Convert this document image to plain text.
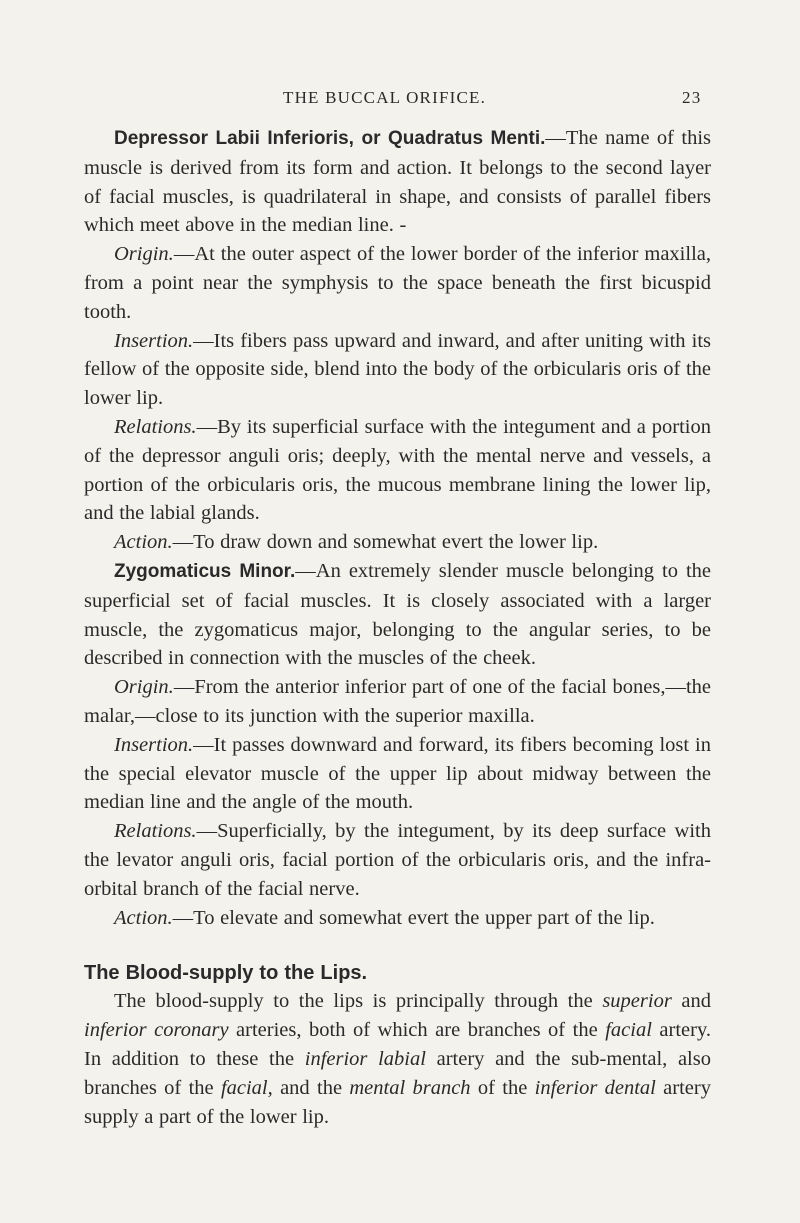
THE BUCCAL ORIFICE.	23

Depressor Labii Inferioris, or Quadratus Menti.—The name of this muscle is derived from its form and action. It belongs to the second layer of facial muscles, is quadrilateral in shape, and consists of parallel fibers which meet above in the median line. -

Origin.—At the outer aspect of the lower border of the inferior maxilla, from a point near the symphysis to the space beneath the first bicuspid tooth.

Insertion.—Its fibers pass upward and inward, and after uniting with its fellow of the opposite side, blend into the body of the orbicularis oris of the lower lip.

Relations.—By its superficial surface with the integument and a portion of the depressor anguli oris; deeply, with the mental nerve and vessels, a portion of the orbicularis oris, the mucous membrane lining the lower lip, and the labial glands.

Action.—To draw down and somewhat evert the lower lip.

Zygomaticus Minor.—An extremely slender muscle belonging to the superficial set of facial muscles. It is closely associated with a larger muscle, the zygomaticus major, belonging to the angular series, to be described in connection with the muscles of the cheek.

Origin.—From the anterior inferior part of one of the facial bones,—the malar,—close to its junction with the superior maxilla.

Insertion.—It passes downward and forward, its fibers becoming lost in the special elevator muscle of the upper lip about midway between the median line and the angle of the mouth.

Relations.—Superficially, by the integument, by its deep surface with the levator anguli oris, facial portion of the orbicularis oris, and the infra-orbital branch of the facial nerve.

Action.—To elevate and somewhat evert the upper part of the lip.

The Blood-supply to the Lips.

The blood-supply to the lips is principally through the superior and inferior coronary arteries, both of which are branches of the facial artery. In addition to these the inferior labial artery and the sub-mental, also branches of the facial, and the mental branch of the inferior dental artery supply a part of the lower lip.
